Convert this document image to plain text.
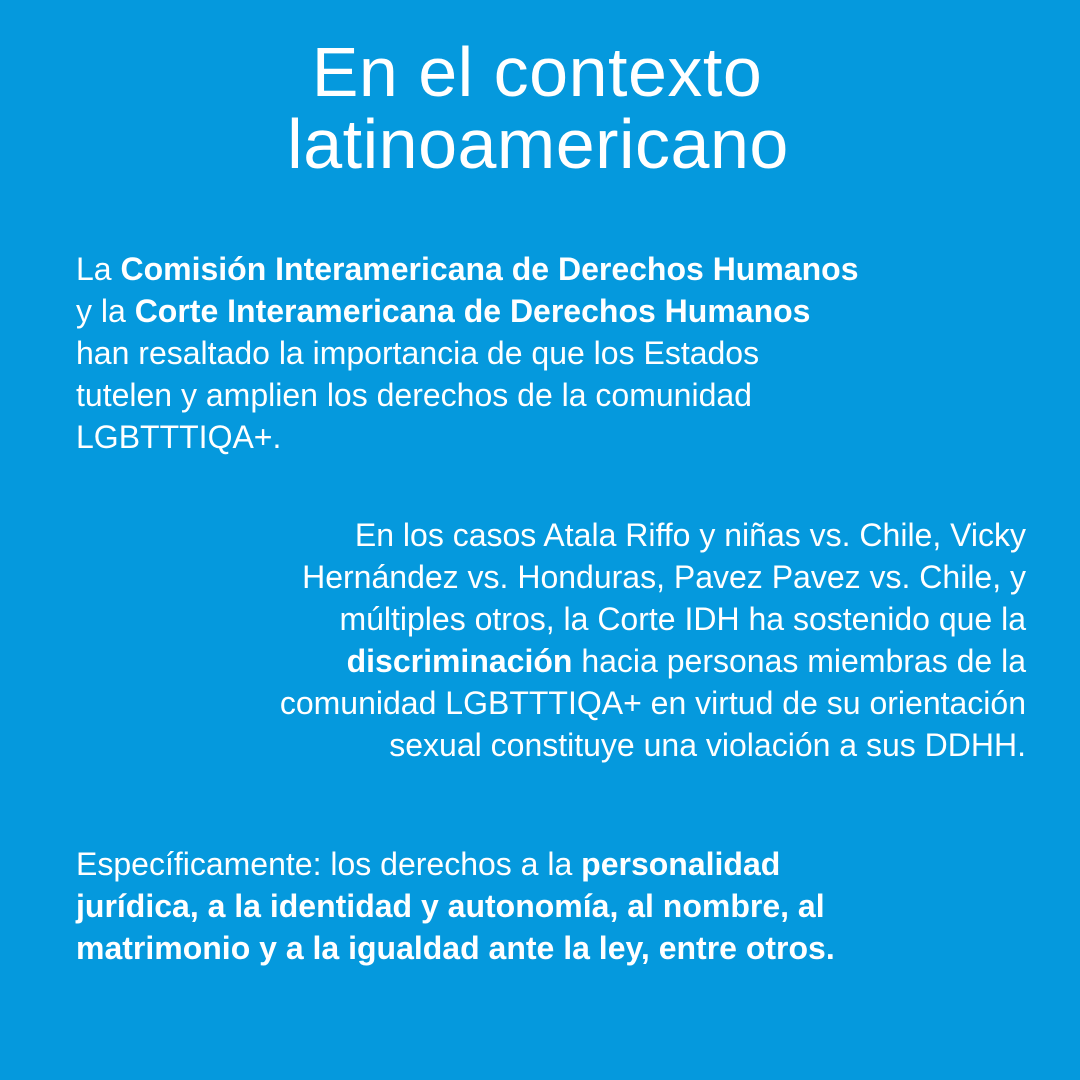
En el contexto
latinoamericano

La Comisión Interamericana de Derechos Humanos
y la Corte Interamericana de Derechos Humanos
han resaltado la importancia de que los Estados
tutelen y amplien los derechos de la comunidad
LGBTTTIQA+.

En los casos Atala Riffo y niñas vs. Chile, Vicky
Hernández vs. Honduras, Pavez Pavez vs. Chile, y
múltiples otros, la Corte IDH ha sostenido que la
discriminación hacia personas miembras de la
comunidad LGBTTTIQA+ en virtud de su orientación
sexual constituye una violación a sus DDHH.

Específicamente: los derechos a la personalidad
jurídica, a la identidad y autonomía, al nombre, al
matrimonio y a la igualdad ante la ley, entre otros.
